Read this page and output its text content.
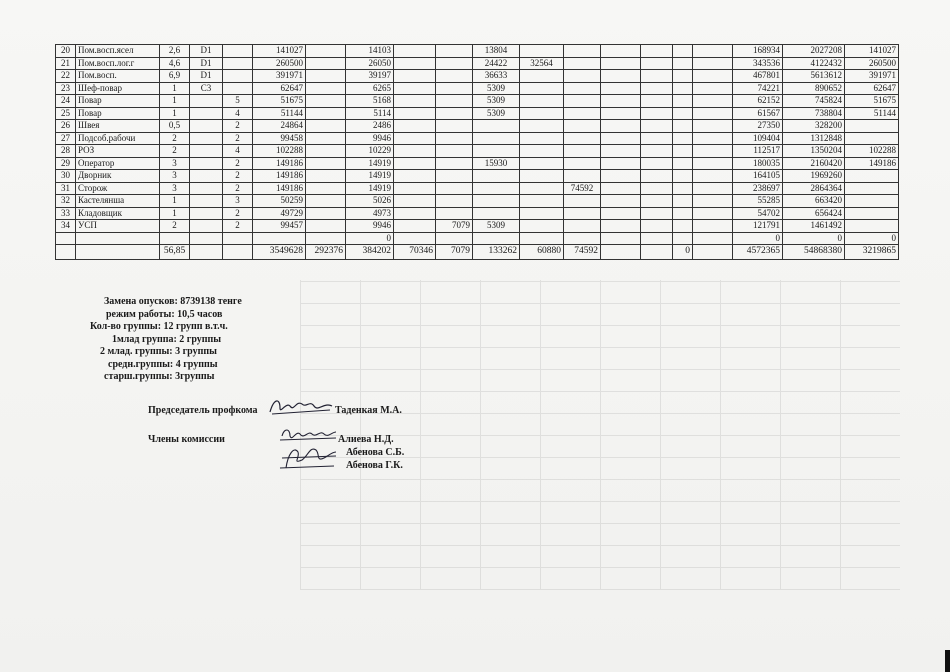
20	Пом.восп.ясел	2,6	D1		141027		14103			13804							168934	2027208	141027
21	Пом.восп.лог.г	4,6	D1		260500		26050			24422	32564						343536	4122432	260500
22	Пом.восп.	6,9	D1		391971		39197			36633							467801	5613612	391971
23	Шеф-повар	1	C3		62647		6265			5309							74221	890652	62647
24	Повар	1		5	51675		5168			5309							62152	745824	51675
25	Повар	1		4	51144		5114			5309							61567	738804	51144
26	Швея	0,5		2	24864		2486										27350	328200	
27	Подсоб.рабочи	2		2	99458		9946										109404	1312848	
28	РОЗ	2		4	102288		10229										112517	1350204	102288
29	Оператор	3		2	149186		14919			15930							180035	2160420	149186
30	Дворник	3		2	149186		14919										164105	1969260	
31	Сторож	3		2	149186		14919					74592					238697	2864364	
32	Кастелянша	1		3	50259		5026										55285	663420	
33	Кладовщик	1		2	49729		4973										54702	656424	
34	УСП	2		2	99457		9946		7079	5309							121791	1461492	
							0										0	0	0
		56,85			3549628	292376	384202	70346	7079	133262	60880	74592			0		4572365	54868380	3219865
Замена опусков: 8739138 тенге
режим работы: 10,5 часов
Кол-во группы: 12 групп в.т.ч.
1млад группа: 2 группы
2 млад. группы: 3 группы
средн.группы: 4 группы
старш.группы: 3группы
Председатель профкома	Таденкая М.А.
Члены комиссии	Алиева Н.Д.
Абенова С.Б.
Абенова Г.К.
